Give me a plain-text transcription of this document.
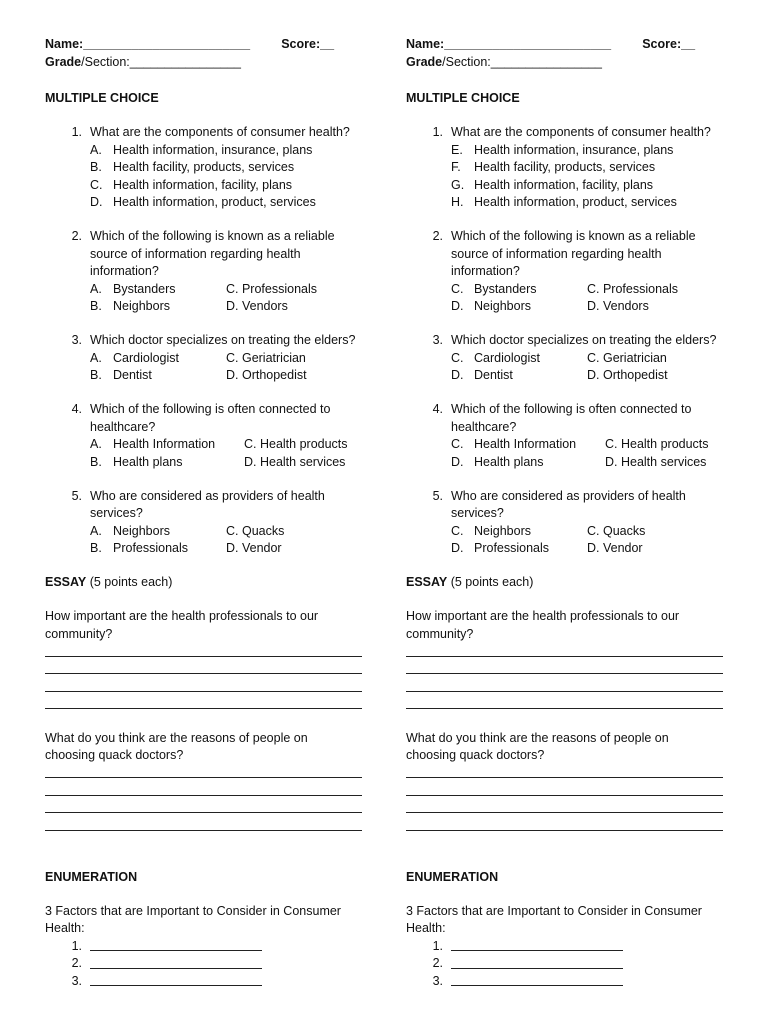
Name: ________________________	Score: __
Grade /Section: ________________
MULTIPLE CHOICE
1. What are the components of consumer health?
A. Health information, insurance, plans
B. Health facility, products, services
C. Health information, facility, plans
D. Health information, product, services
2. Which of the following is known as a reliable
source of information regarding health
information?
A. Bystanders	C. Professionals
B. Neighbors	D. Vendors
3. Which doctor specializes on treating the elders?
A. Cardiologist	C. Geriatrician
B. Dentist	D. Orthopedist
4. Which of the following is often connected to
healthcare?
A. Health Information C. Health products
B. Health plans	D. Health services
5. Who are considered as providers of health
services?
A. Neighbors	C. Quacks
B. Professionals	D. Vendor
ESSAY (5 points each)
How important are the health professionals to our
community?
What do you think are the reasons of people on
choosing quack doctors?
ENUMERATION
3 Factors that are Important to Consider in Consumer
Health:
1.
2.
3.
Name: ________________________	Score: __
Grade /Section: ________________
MULTIPLE CHOICE
1. What are the components of consumer health?
E. Health information, insurance, plans
F.	Health facility, products, services
G. Health information, facility, plans
H. Health information, product, services
2. Which of the following is known as a reliable
source of information regarding health
information?
C. Bystanders	C. Professionals
D. Neighbors	D. Vendors
3. Which doctor specializes on treating the elders?
C. Cardiologist	C. Geriatrician
D. Dentist	D. Orthopedist
4. Which of the following is often connected to
healthcare?
C. Health Information C. Health products
D. Health plans	D. Health services
5. Who are considered as providers of health
services?
C. Neighbors	C. Quacks
D. Professionals	D. Vendor
ESSAY (5 points each)
How important are the health professionals to our
community?
What do you think are the reasons of people on
choosing quack doctors?
ENUMERATION
3 Factors that are Important to Consider in Consumer
Health:
1.
2.
3.
